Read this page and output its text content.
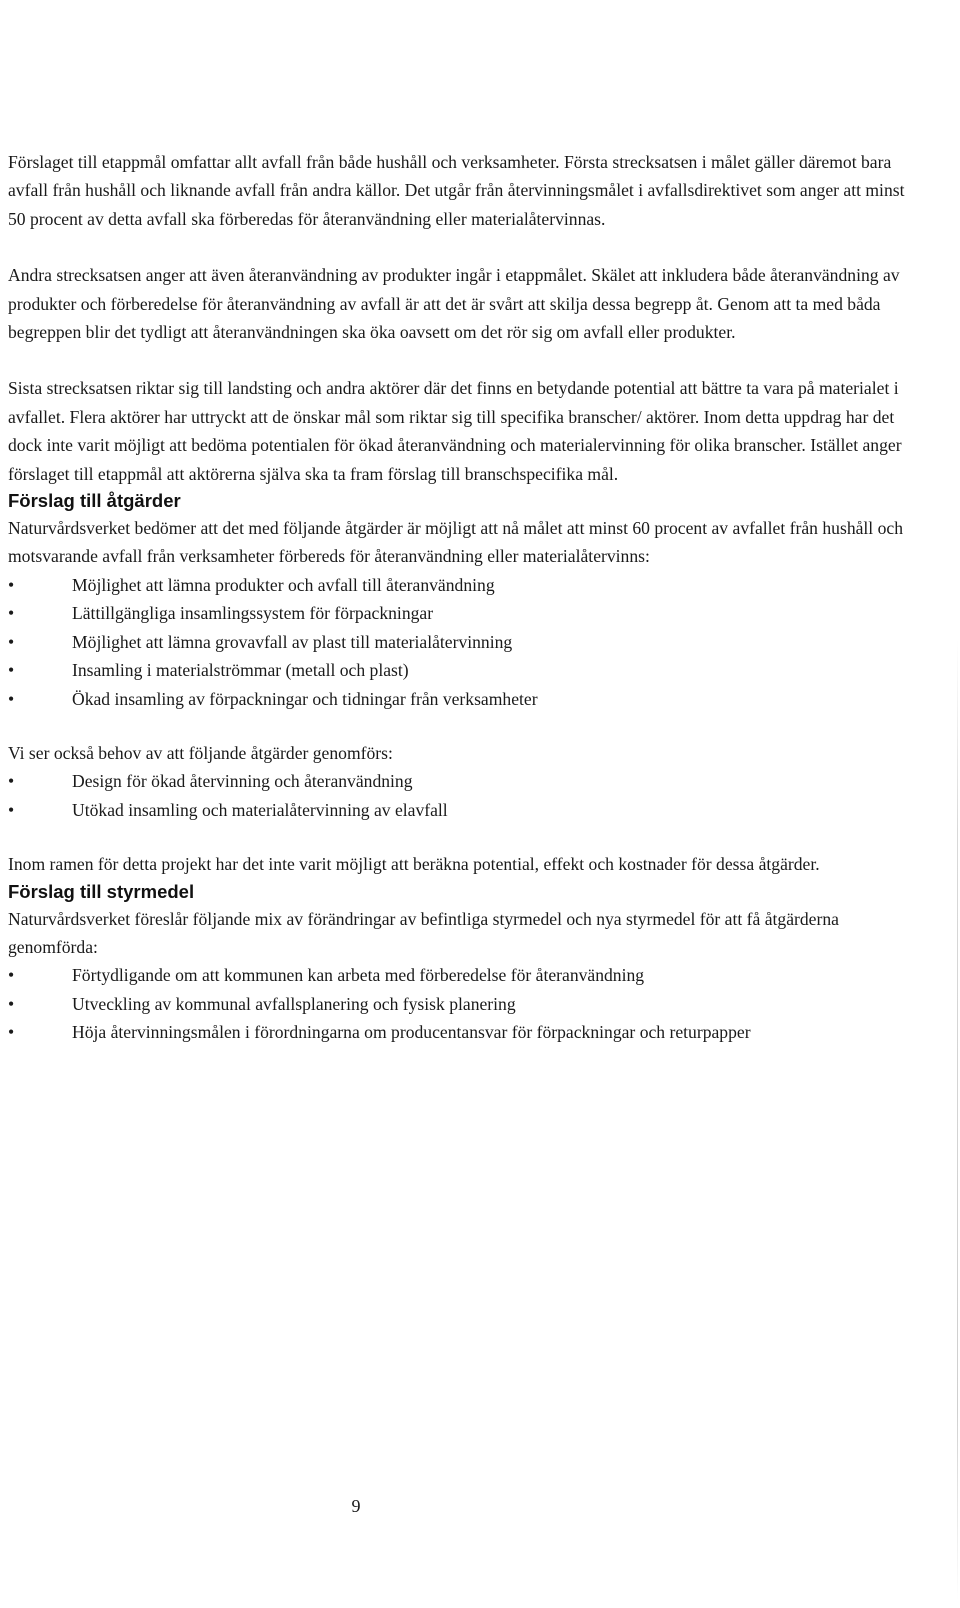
Förslaget till etappmål omfattar allt avfall från både hushåll och verksamheter. Första strecksatsen i målet gäller däremot bara avfall från hushåll och liknande avfall från andra källor. Det utgår från återvinningsmålet i avfallsdirektivet som anger att minst 50 procent av detta avfall ska förberedas för återanvändning eller materialåtervinnas.

Andra strecksatsen anger att även återanvändning av produkter ingår i etappmålet. Skälet att inkludera både återanvändning av produkter och förberedelse för återanvändning av avfall är att det är svårt att skilja dessa begrepp åt. Genom att ta med båda begreppen blir det tydligt att återanvändningen ska öka oavsett om det rör sig om avfall eller produkter.

Sista strecksatsen riktar sig till landsting och andra aktörer där det finns en betydande potential att bättre ta vara på materialet i avfallet. Flera aktörer har uttryckt att de önskar mål som riktar sig till specifika branscher/ aktörer. Inom detta uppdrag har det dock inte varit möjligt att bedöma potentialen för ökad återanvändning och materialervinning för olika branscher. Istället anger förslaget till etappmål att aktörerna själva ska ta fram förslag till branschspecifika mål.

Förslag till åtgärder

Naturvårdsverket bedömer att det med följande åtgärder är möjligt att nå målet att minst 60 procent av avfallet från hushåll och motsvarande avfall från verksamheter förbereds för återanvändning eller materialåtervinns:

•	Möjlighet att lämna produkter och avfall till återanvändning
•	Lättillgängliga insamlingssystem för förpackningar
•	Möjlighet att lämna grovavfall av plast till materialåtervinning
•	Insamling i materialströmmar (metall och plast)
•	Ökad insamling av förpackningar och tidningar från verksamheter

Vi ser också behov av att följande åtgärder genomförs:

•	Design för ökad återvinning och återanvändning
•	Utökad insamling och materialåtervinning av elavfall

Inom ramen för detta projekt har det inte varit möjligt att beräkna potential, effekt och kostnader för dessa åtgärder.

Förslag till styrmedel

Naturvårdsverket föreslår följande mix av förändringar av befintliga styrmedel och nya styrmedel för att få åtgärderna genomförda:

•	Förtydligande om att kommunen kan arbeta med förberedelse för återanvändning
•	Utveckling av kommunal avfallsplanering och fysisk planering
•	Höja återvinningsmålen i förordningarna om producentansvar för förpackningar och returpapper
9
